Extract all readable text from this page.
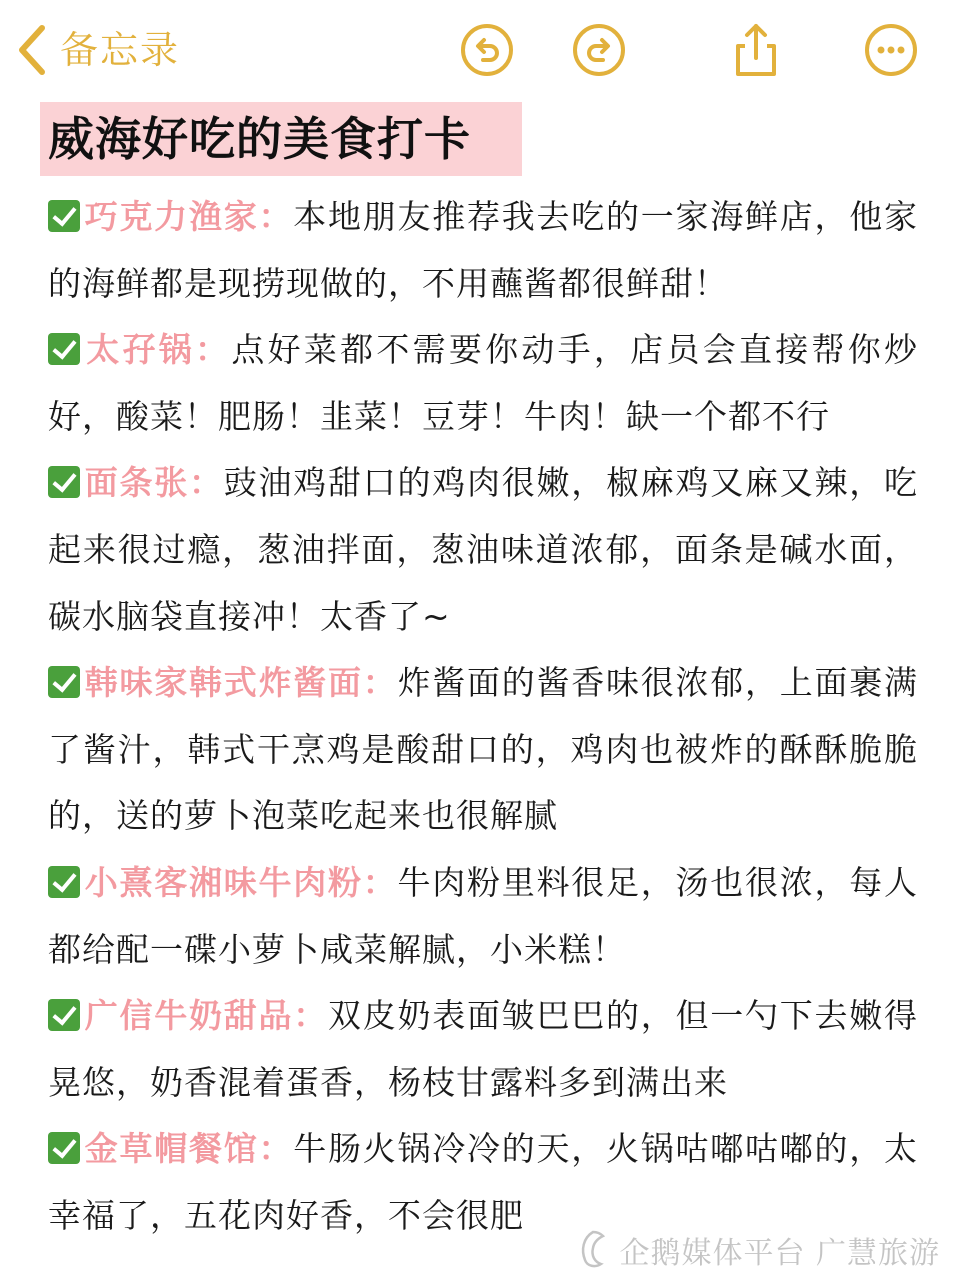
备忘录
威海好吃的美食打卡
巧克力渔家：本地朋友推荐我去吃的一家海鲜店，他家的海鲜都是现捞现做的，不用蘸酱都很鲜甜！
太孖锅：点好菜都不需要你动手，店员会直接帮你炒好，酸菜！肥肠！韭菜！豆芽！牛肉！缺一个都不行
面条张：豉油鸡甜口的鸡肉很嫩，椒麻鸡又麻又辣，吃起来很过瘾，葱油拌面，葱油味道浓郁，面条是碱水面，碳水脑袋直接冲！太香了~
韩味家韩式炸酱面：炸酱面的酱香味很浓郁，上面裹满了酱汁，韩式干烹鸡是酸甜口的，鸡肉也被炸的酥酥脆脆的，送的萝卜泡菜吃起来也很解腻
小熹客湘味牛肉粉：牛肉粉里料很足，汤也很浓，每人都给配一碟小萝卜咸菜解腻，小米糕！
广信牛奶甜品：双皮奶表面皱巴巴的，但一勺下去嫩得晃悠，奶香混着蛋香，杨枝甘露料多到满出来
金草帽餐馆：牛肠火锅冷冷的天，火锅咕嘟咕嘟的，太幸福了，五花肉好香，不会很肥
企鹅媒体平台 广慧旅游
